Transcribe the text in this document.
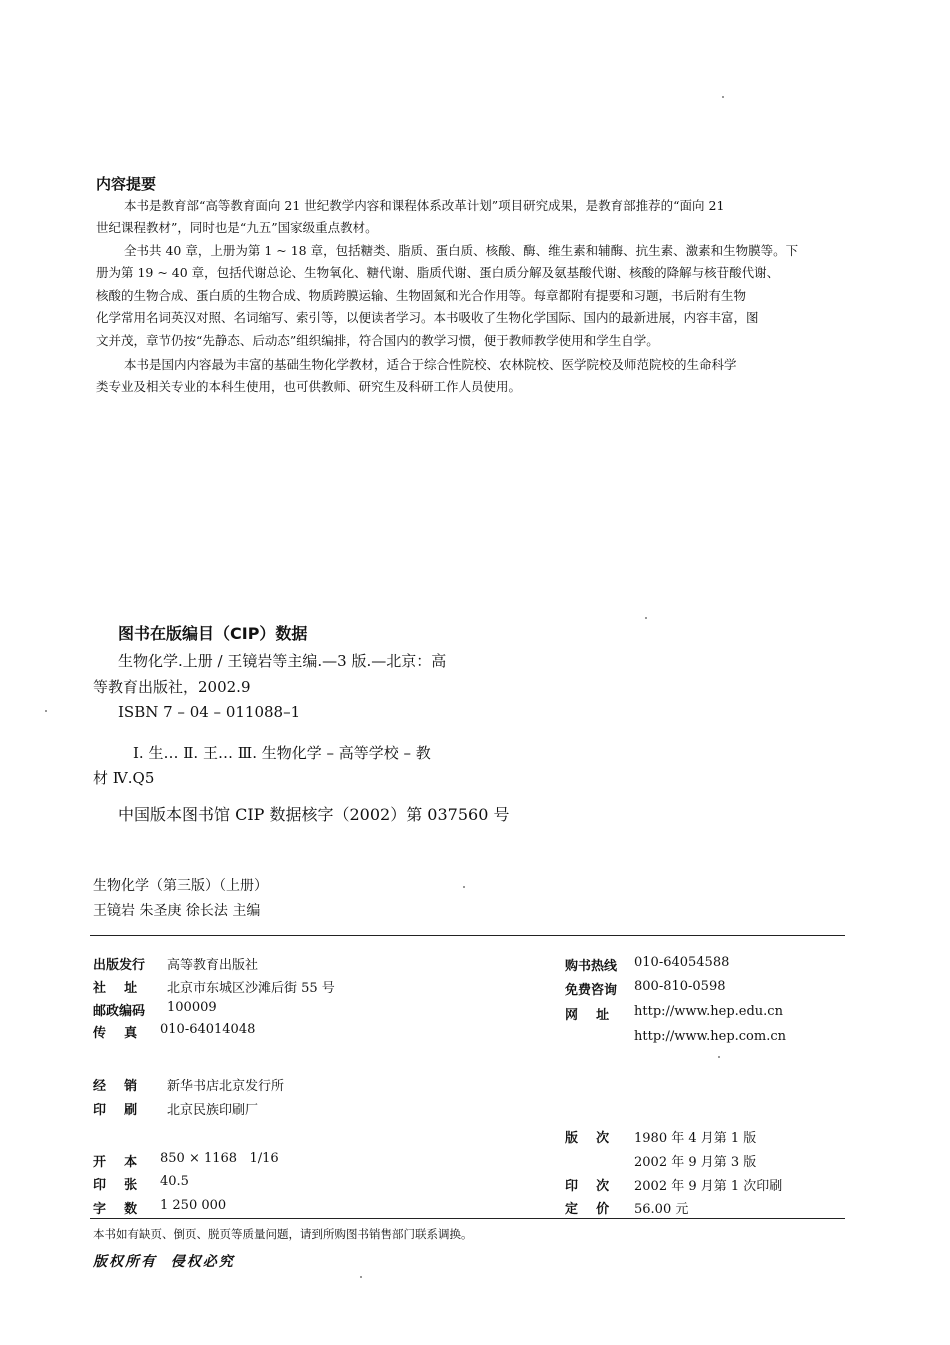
内容提要
本书是教育部“高等教育面向 21 世纪教学内容和课程体系改革计划”项目研究成果，是教育部推荐的“面向 21
世纪课程教材”，同时也是“九五”国家级重点教材。
全书共 40 章，上册为第 1 ~ 18 章，包括糖类、脂质、蛋白质、核酸、酶、维生素和辅酶、抗生素、激素和生物膜等。下
册为第 19 ~ 40 章，包括代谢总论、生物氧化、糖代谢、脂质代谢、蛋白质分解及氨基酸代谢、核酸的降解与核苷酸代谢、
核酸的生物合成、蛋白质的生物合成、物质跨膜运输、生物固氮和光合作用等。每章都附有提要和习题，书后附有生物
化学常用名词英汉对照、名词缩写、索引等，以便读者学习。本书吸收了生物化学国际、国内的最新进展，内容丰富，图
文并茂，章节仍按“先静态、后动态”组织编排，符合国内的教学习惯，便于教师教学使用和学生自学。
本书是国内内容最为丰富的基础生物化学教材，适合于综合性院校、农林院校、医学院校及师范院校的生命科学
类专业及相关专业的本科生使用，也可供教师、研究生及科研工作人员使用。
图书在版编目（CIP）数据
生物化学.上册 / 王镜岩等主编.—3 版.—北京：高
等教育出版社，2002.9
ISBN 7 – 04 – 011088–1
Ⅰ. 生… Ⅱ. 王… Ⅲ. 生物化学 – 高等学校 – 教
材 Ⅳ.Q5
中国版本图书馆 CIP 数据核字（2002）第 037560 号
生物化学（第三版）（上册）
王镜岩 朱圣庚 徐长法 主编
出版发行 高等教育出版社
社    址 北京市东城区沙滩后街 55 号
邮政编码 100009
传    真 010-64014048
经    销 新华书店北京发行所
印    刷 北京民族印刷厂
开    本 850 × 1168   1/16
印    张 40.5
字    数 1 250 000
购书热线 010-64054588
免费咨询 800-810-0598
网    址 http://www.hep.edu.cn
http://www.hep.com.cn
版    次 1980 年 4 月第 1 版
2002 年 9 月第 3 版
印    次 2002 年 9 月第 1 次印刷
定    价 56.00 元
本书如有缺页、倒页、脱页等质量问题，请到所购图书销售部门联系调换。
版权所有  侵权必究
